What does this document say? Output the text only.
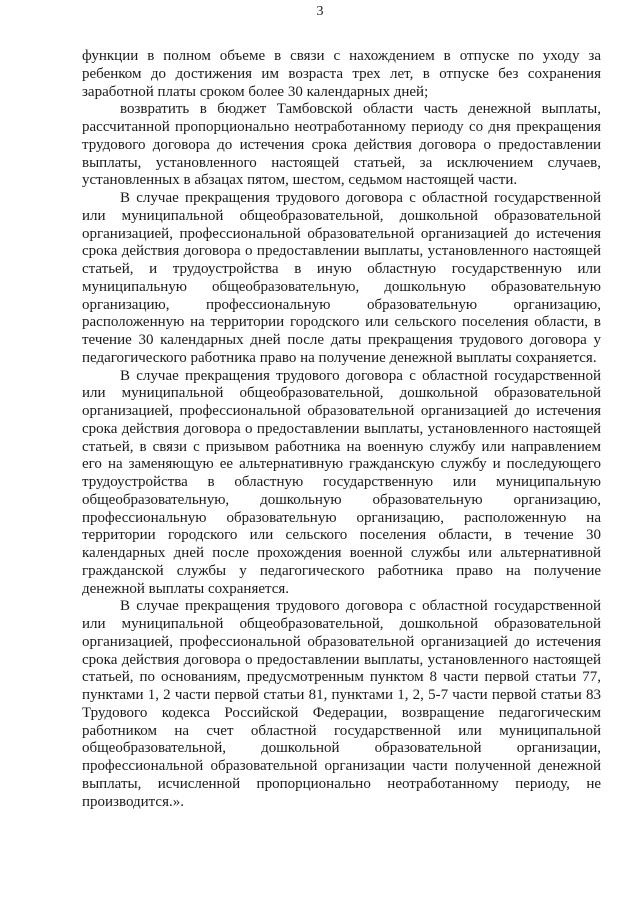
3

функции в полном объеме в связи с нахождением в отпуске по уходу за ребенком до достижения им возраста трех лет, в отпуске без сохранения заработной платы сроком более 30 календарных дней;

возвратить в бюджет Тамбовской области часть денежной выплаты, рассчитанной пропорционально неотработанному периоду со дня прекращения трудового договора до истечения срока действия договора о предоставлении выплаты, установленного настоящей статьей, за исключением случаев, установленных в абзацах пятом, шестом, седьмом настоящей части.

В случае прекращения трудового договора с областной государственной или муниципальной общеобразовательной, дошкольной образовательной организацией, профессиональной образовательной организацией до истечения срока действия договора о предоставлении выплаты, установленного настоящей статьей, и трудоустройства в иную областную государственную или муниципальную общеобразовательную, дошкольную образовательную организацию, профессиональную образовательную организацию, расположенную на территории городского или сельского поселения области, в течение 30 календарных дней после даты прекращения трудового договора у педагогического работника право на получение денежной выплаты сохраняется.

В случае прекращения трудового договора с областной государственной или муниципальной общеобразовательной, дошкольной образовательной организацией, профессиональной образовательной организацией до истечения срока действия договора о предоставлении выплаты, установленного настоящей статьей, в связи с призывом работника на военную службу или направлением его на заменяющую ее альтернативную гражданскую службу и последующего трудоустройства в областную государственную или муниципальную общеобразовательную, дошкольную образовательную организацию, профессиональную образовательную организацию, расположенную на территории городского или сельского поселения области, в течение 30 календарных дней после прохождения военной службы или альтернативной гражданской службы у педагогического работника право на получение денежной выплаты сохраняется.

В случае прекращения трудового договора с областной государственной или муниципальной общеобразовательной, дошкольной образовательной организацией, профессиональной образовательной организацией до истечения срока действия договора о предоставлении выплаты, установленного настоящей статьей, по основаниям, предусмотренным пунктом 8 части первой статьи 77, пунктами 1, 2 части первой статьи 81, пунктами 1, 2, 5-7 части первой статьи 83 Трудового кодекса Российской Федерации, возвращение педагогическим работником на счет областной государственной или муниципальной общеобразовательной, дошкольной образовательной организации, профессиональной образовательной организации части полученной денежной выплаты, исчисленной пропорционально неотработанному периоду, не производится.».
